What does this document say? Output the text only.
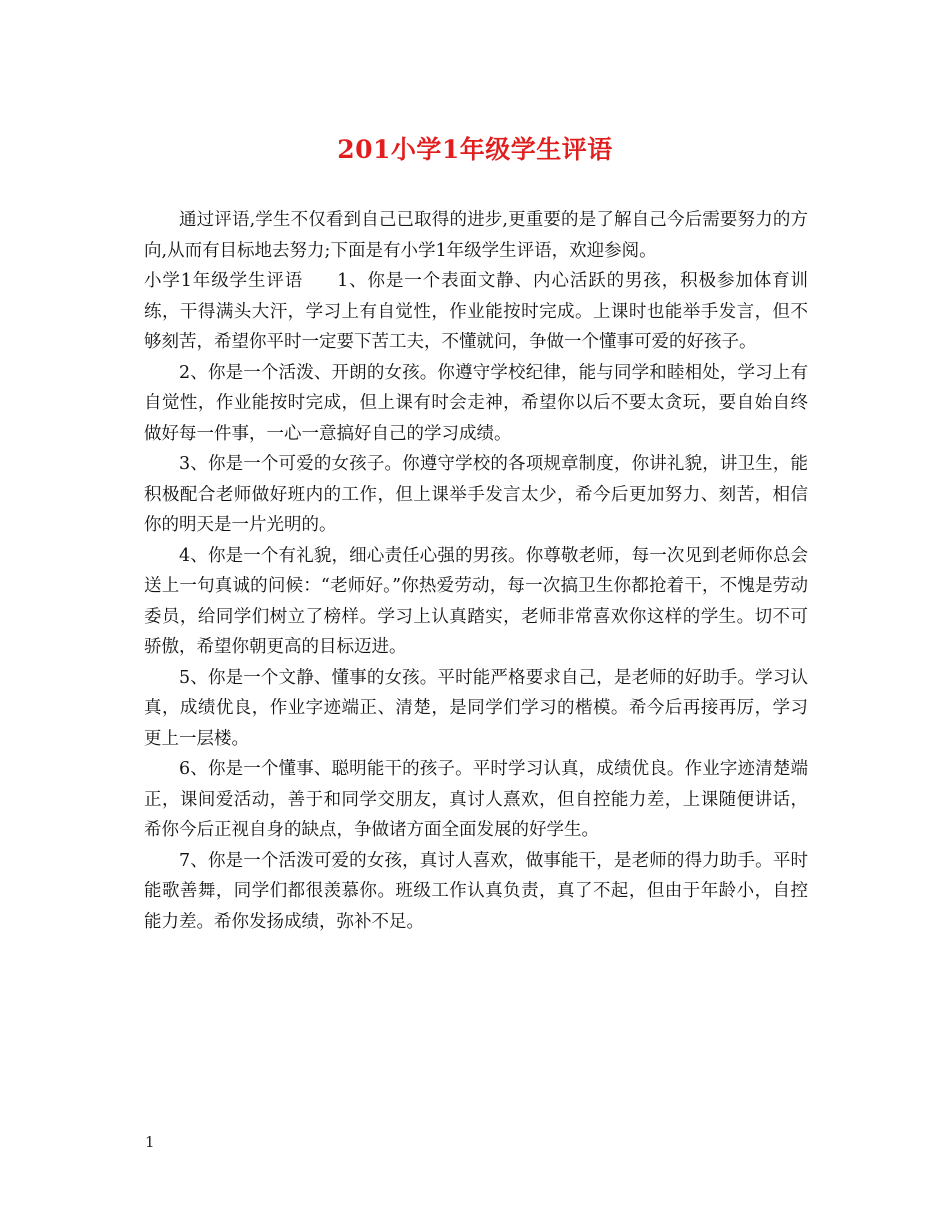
201小学1年级学生评语

通过评语,学生不仅看到自己已取得的进步,更重要的是了解自己今后需要努力的方向,从而有目标地去努力;下面是有小学1年级学生评语，欢迎参阅。

小学1年级学生评语 1、你是一个表面文静、内心活跃的男孩，积极参加体育训练，干得满头大汗，学习上有自觉性，作业能按时完成。上课时也能举手发言，但不够刻苦，希望你平时一定要下苦工夫，不懂就问，争做一个懂事可爱的好孩子。

2、你是一个活泼、开朗的女孩。你遵守学校纪律，能与同学和睦相处，学习上有自觉性，作业能按时完成，但上课有时会走神，希望你以后不要太贪玩，要自始自终做好每一件事，一心一意搞好自己的学习成绩。

3、你是一个可爱的女孩子。你遵守学校的各项规章制度，你讲礼貌，讲卫生，能积极配合老师做好班内的工作，但上课举手发言太少，希今后更加努力、刻苦，相信你的明天是一片光明的。

4、你是一个有礼貌，细心责任心强的男孩。你尊敬老师，每一次见到老师你总会送上一句真诚的问候：“老师好。”你热爱劳动，每一次搞卫生你都抢着干，不愧是劳动委员，给同学们树立了榜样。学习上认真踏实，老师非常喜欢你这样的学生。切不可骄傲，希望你朝更高的目标迈进。

5、你是一个文静、懂事的女孩。平时能严格要求自己，是老师的好助手。学习认真，成绩优良，作业字迹端正、清楚，是同学们学习的楷模。希今后再接再厉，学习更上一层楼。

6、你是一个懂事、聪明能干的孩子。平时学习认真，成绩优良。作业字迹清楚端正，课间爱活动，善于和同学交朋友，真讨人熹欢，但自控能力差，上课随便讲话，希你今后正视自身的缺点，争做诸方面全面发展的好学生。

7、你是一个活泼可爱的女孩，真讨人喜欢，做事能干，是老师的得力助手。平时能歌善舞，同学们都很羡慕你。班级工作认真负责，真了不起，但由于年龄小，自控能力差。希你发扬成绩，弥补不足。

1
